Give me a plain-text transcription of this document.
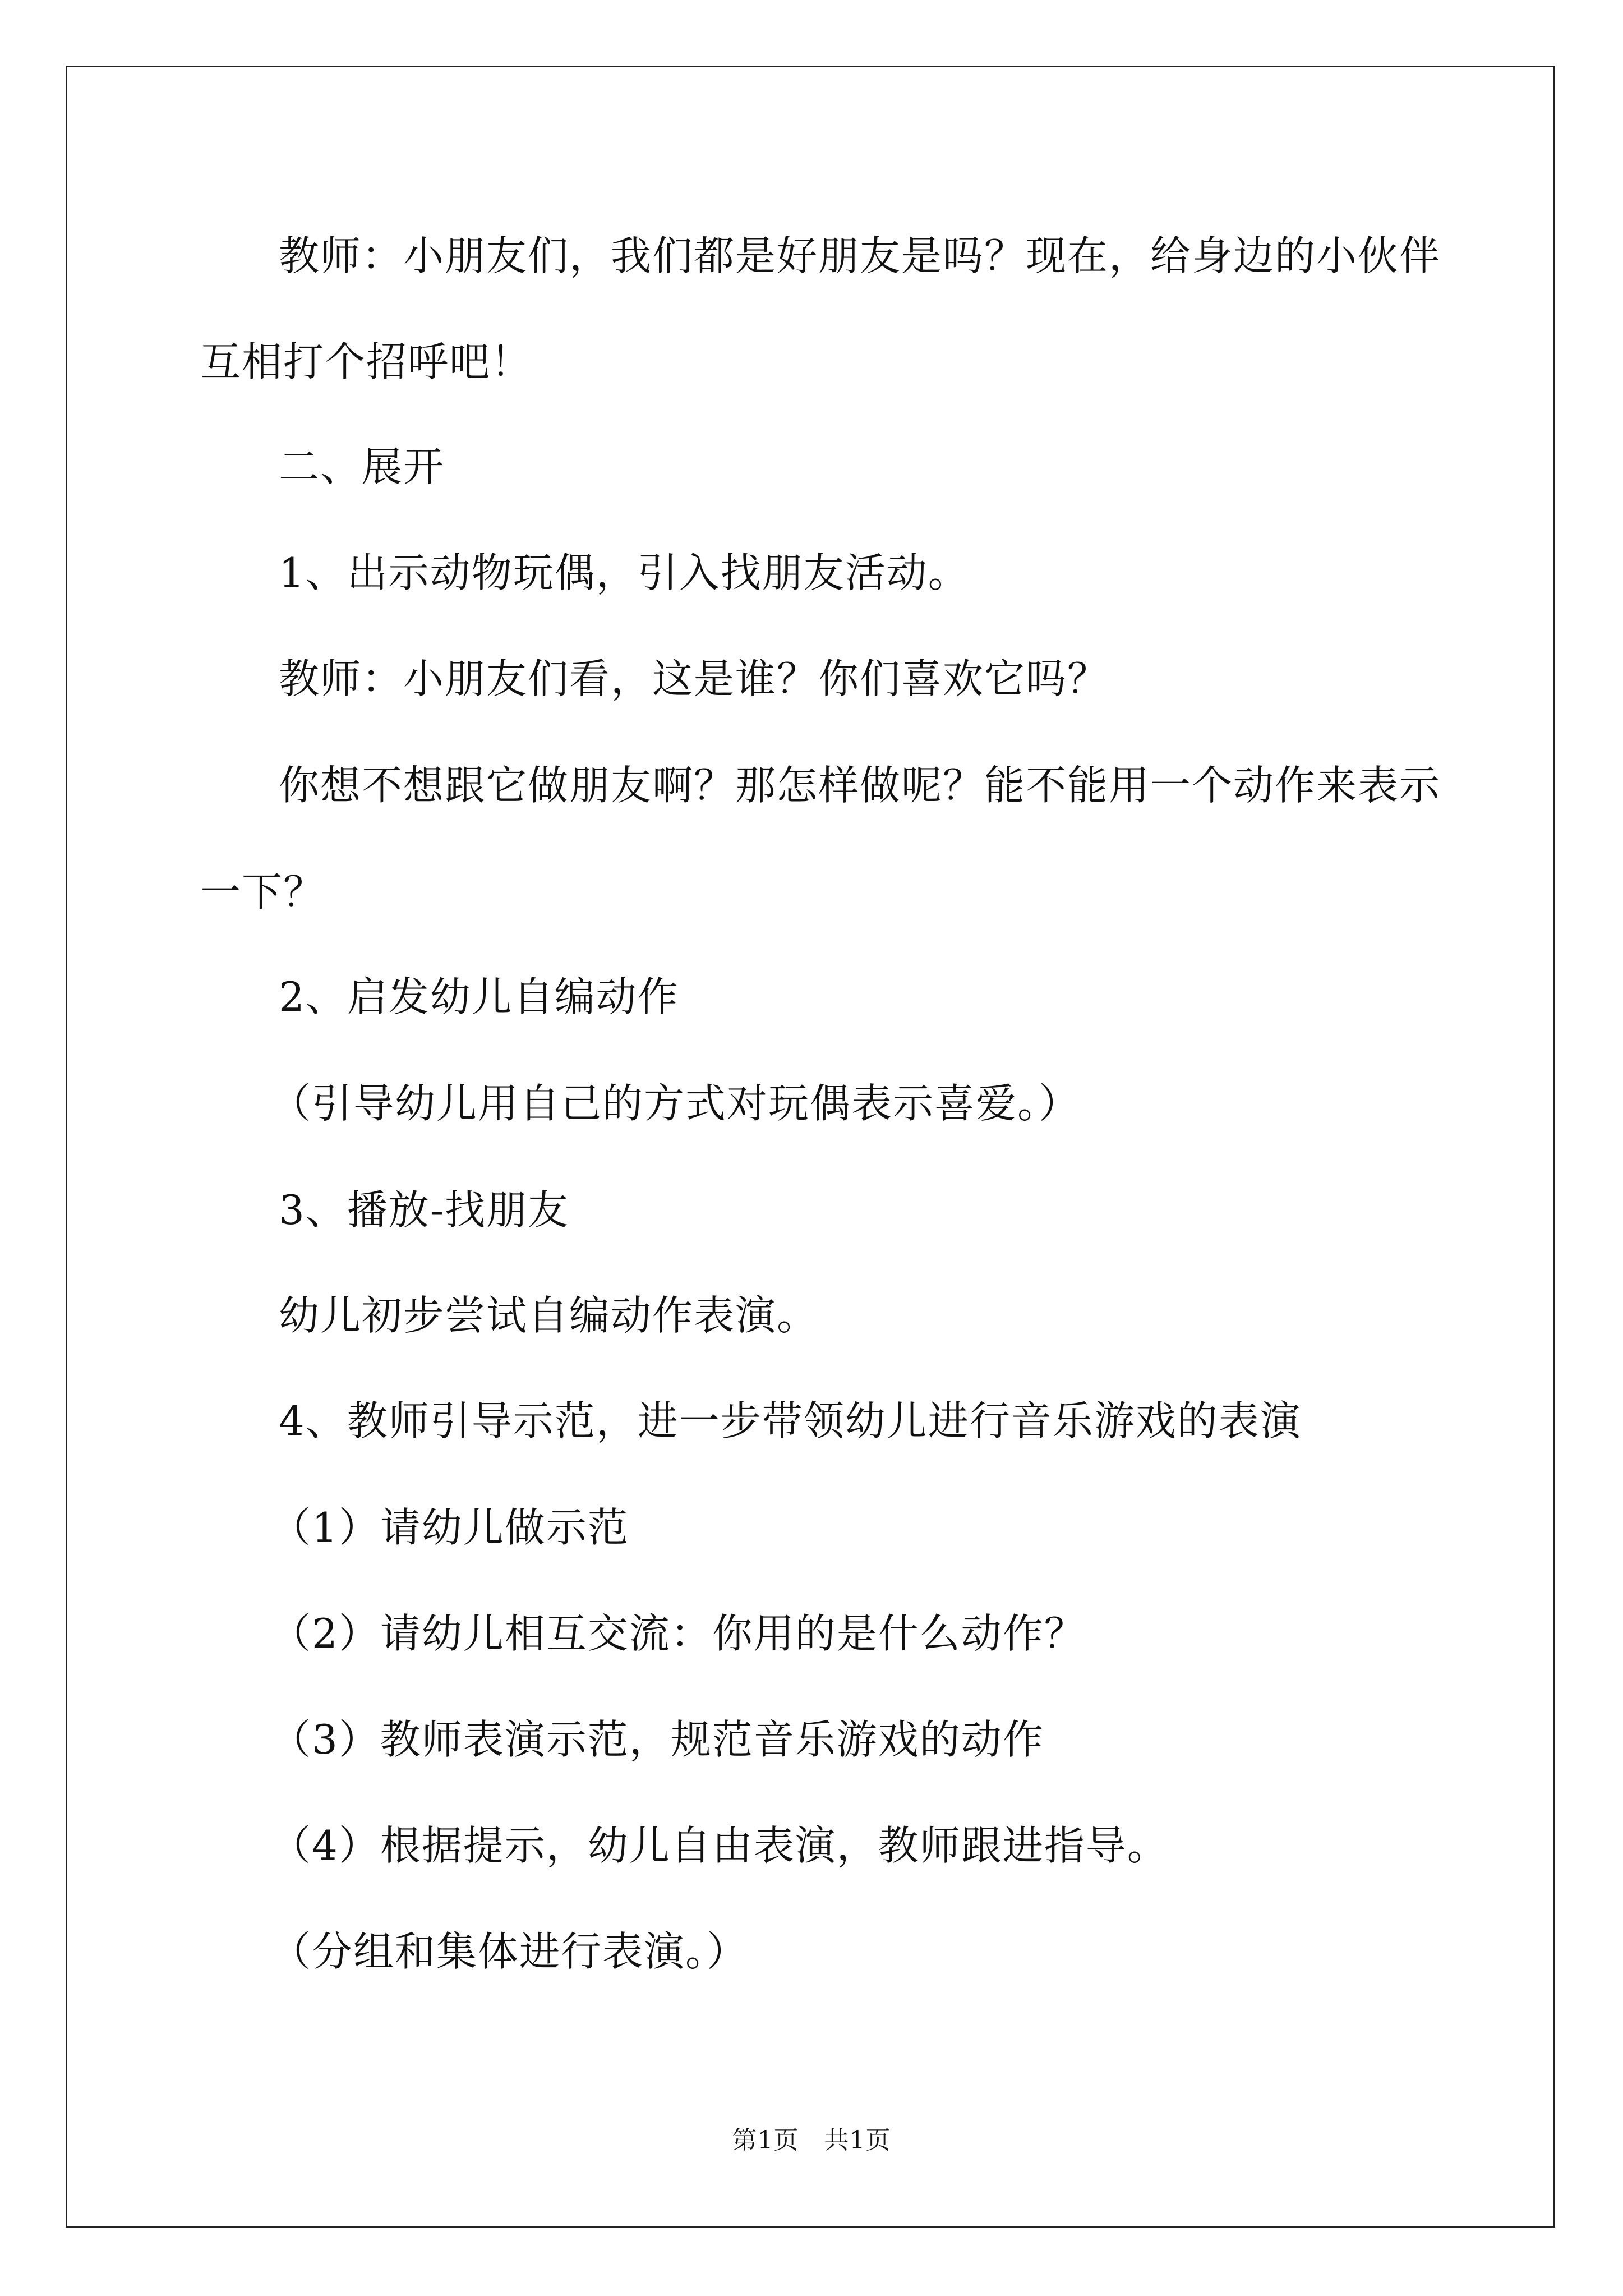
教师：小朋友们，我们都是好朋友是吗？现在，给身边的小伙伴
互相打个招呼吧！
二、展开
1、出示动物玩偶，引入找朋友活动。
教师：小朋友们看，这是谁？你们喜欢它吗？
你想不想跟它做朋友啊？那怎样做呢？能不能用一个动作来表示
一下？
2、启发幼儿自编动作
（引导幼儿用自己的方式对玩偶表示喜爱。）
3、播放-找朋友
幼儿初步尝试自编动作表演。
4、教师引导示范，进一步带领幼儿进行音乐游戏的表演
（1）请幼儿做示范
（2）请幼儿相互交流：你用的是什么动作？
（3）教师表演示范，规范音乐游戏的动作
（4）根据提示，幼儿自由表演，教师跟进指导。
（分组和集体进行表演。）
第1页 共1页
